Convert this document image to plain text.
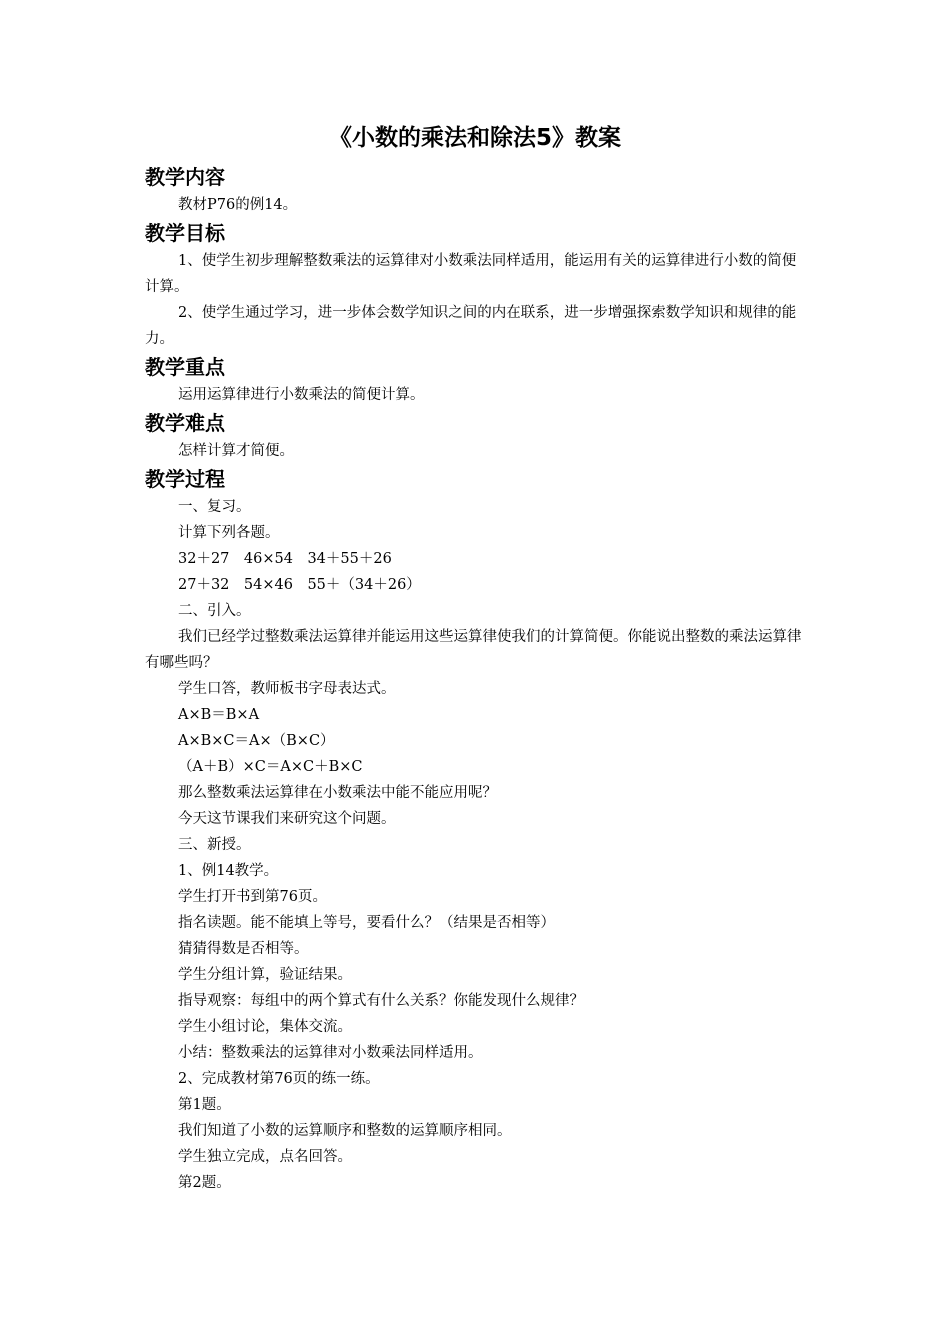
《小数的乘法和除法5》教案
教学内容

教材P76的例14。

教学目标

1、使学生初步理解整数乘法的运算律对小数乘法同样适用，能运用有关的运算律进行小数的简便计算。

2、使学生通过学习，进一步体会数学知识之间的内在联系，进一步增强探索数学知识和规律的能力。

教学重点

运用运算律进行小数乘法的简便计算。

教学难点

怎样计算才简便。

教学过程

一、复习。

计算下列各题。

32＋27　46×54　34＋55＋26

27＋32　54×46　55＋（34＋26）

二、引入。

我们已经学过整数乘法运算律并能运用这些运算律使我们的计算简便。你能说出整数的乘法运算律有哪些吗？

学生口答，教师板书字母表达式。

A×B＝B×A

A×B×C＝A×（B×C）

（A＋B）×C＝A×C＋B×C

那么整数乘法运算律在小数乘法中能不能应用呢？

今天这节课我们来研究这个问题。

三、新授。

1、例14教学。

学生打开书到第76页。

指名读题。能不能填上等号，要看什么？（结果是否相等）

猜猜得数是否相等。

学生分组计算，验证结果。

指导观察：每组中的两个算式有什么关系？你能发现什么规律？

学生小组讨论，集体交流。

小结：整数乘法的运算律对小数乘法同样适用。

2、完成教材第76页的练一练。

第1题。

我们知道了小数的运算顺序和整数的运算顺序相同。

学生独立完成，点名回答。

第2题。
